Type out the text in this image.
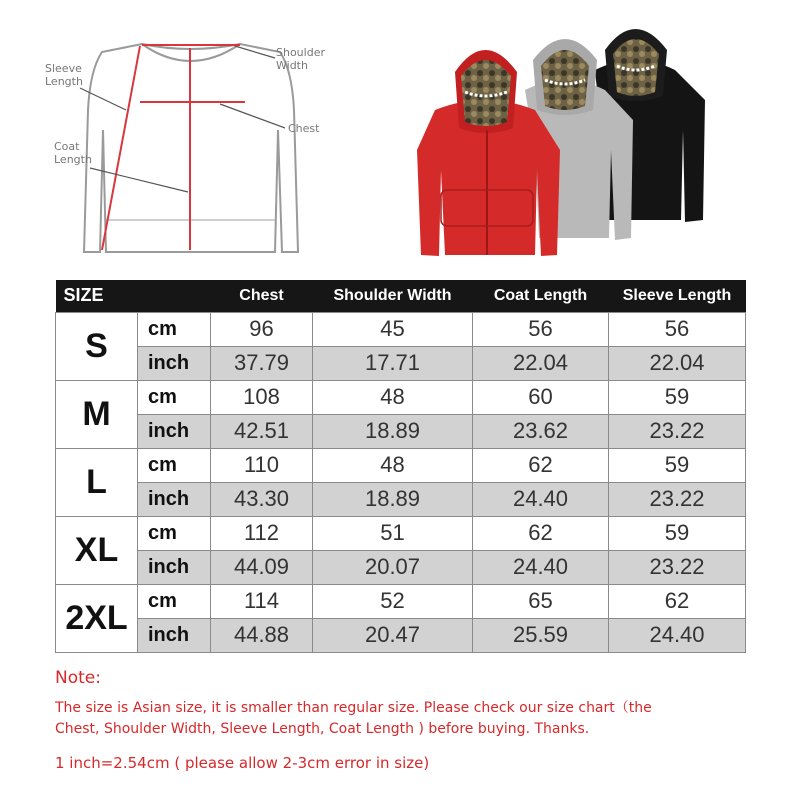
Sleeve
Length
Shoulder
Width
Chest
Coat
Length
SIZE		Chest	Shoulder Width	Coat Length	Sleeve Length
S	cm	96	45	56	56
	inch	37.79	17.71	22.04	22.04
M	cm	108	48	60	59
	inch	42.51	18.89	23.62	23.22
L	cm	110	48	62	59
	inch	43.30	18.89	24.40	23.22
XL	cm	112	51	62	59
	inch	44.09	20.07	24.40	23.22
2XL	cm	114	52	65	62
	inch	44.88	20.47	25.59	24.40
Note:
The size is Asian size, it is smaller than regular size. Please check our size chart（the
Chest, Shoulder Width, Sleeve Length, Coat Length ) before buying. Thanks.
1 inch=2.54cm ( please allow 2-3cm error in size)
